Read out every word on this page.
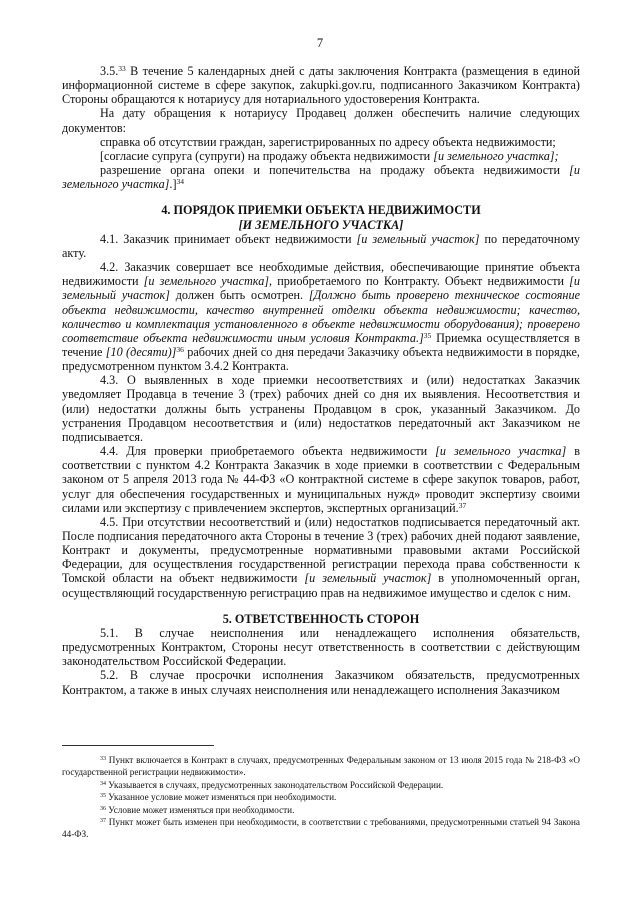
7

3.5.33 В течение 5 календарных дней с даты заключения Контракта (размещения в единой информационной системе в сфере закупок, zakupki.gov.ru, подписанного Заказчиком Контракта) Стороны обращаются к нотариусу для нотариального удостоверения Контракта.

На дату обращения к нотариусу Продавец должен обеспечить наличие следующих документов:

справка об отсутствии граждан, зарегистрированных по адресу объекта недвижимости;

[согласие супруга (супруги) на продажу объекта недвижимости [и земельного участка];

разрешение органа опеки и попечительства на продажу объекта недвижимости [и земельного участка].]$^{34}$

4. ПОРЯДОК ПРИЕМКИ ОБЪЕКТА НЕДВИЖИМОСТИ

[И ЗЕМЕЛЬНОГО УЧАСТКА]

4.1. Заказчик принимает объект недвижимости [и земельный участок] по передаточному акту.

4.2. Заказчик совершает все необходимые действия, обеспечивающие принятие объекта недвижимости [и земельного участка], приобретаемого по Контракту. Объект недвижимости [и земельный участок] должен быть осмотрен. [Должно быть проверено техническое состояние объекта недвижимости, качество внутренней отделки объекта недвижимости; качество, количество и комплектация установленного в объекте недвижимости оборудования); проверено соответствие объекта недвижимости иным условия Контракта.]$^{35}$ Приемка осуществляется в течение [10 (десяти)]$^{36}$ рабочих дней со дня передачи Заказчику объекта недвижимости в порядке, предусмотренном пунктом 3.4.2 Контракта.

4.3. О выявленных в ходе приемки несоответствиях и (или) недостатках Заказчик уведомляет Продавца в течение 3 (трех) рабочих дней со дня их выявления. Несоответствия и (или) недостатки должны быть устранены Продавцом в срок, указанный Заказчиком. До устранения Продавцом несоответствия и (или) недостатков передаточный акт Заказчиком не подписывается.

4.4. Для проверки приобретаемого объекта недвижимости [и земельного участка] в соответствии с пунктом 4.2 Контракта Заказчик в ходе приемки в соответствии с Федеральным законом от 5 апреля 2013 года № 44-ФЗ «О контрактной системе в сфере закупок товаров, работ, услуг для обеспечения государственных и муниципальных нужд» проводит экспертизу своими силами или экспертизу с привлечением экспертов, экспертных организаций.$^{37}$

4.5. При отсутствии несоответствий и (или) недостатков подписывается передаточный акт. После подписания передаточного акта Стороны в течение 3 (трех) рабочих дней подают заявление, Контракт и документы, предусмотренные нормативными правовыми актами Российской Федерации, для осуществления государственной регистрации перехода права собственности к Томской области на объект недвижимости [и земельный участок] в уполномоченный орган, осуществляющий государственную регистрацию прав на недвижимое имущество и сделок с ним.

5. ОТВЕТСТВЕННОСТЬ СТОРОН

5.1. В случае неисполнения или ненадлежащего исполнения обязательств, предусмотренных Контрактом, Стороны несут ответственность в соответствии с действующим законодательством Российской Федерации.

5.2. В случае просрочки исполнения Заказчиком обязательств, предусмотренных Контрактом, а также в иных случаях неисполнения или ненадлежащего исполнения Заказчиком

$^{33}$ Пункт включается в Контракт в случаях, предусмотренных Федеральным законом от 13 июля 2015 года № 218-ФЗ «О государственной регистрации недвижимости».

$^{34}$ Указывается в случаях, предусмотренных законодательством Российской Федерации.

$^{35}$ Указанное условие может изменяться при необходимости.

$^{36}$ Условие может изменяться при необходимости.

$^{37}$ Пункт может быть изменен при необходимости, в соответствии с требованиями, предусмотренными статьей 94 Закона 44-ФЗ.
